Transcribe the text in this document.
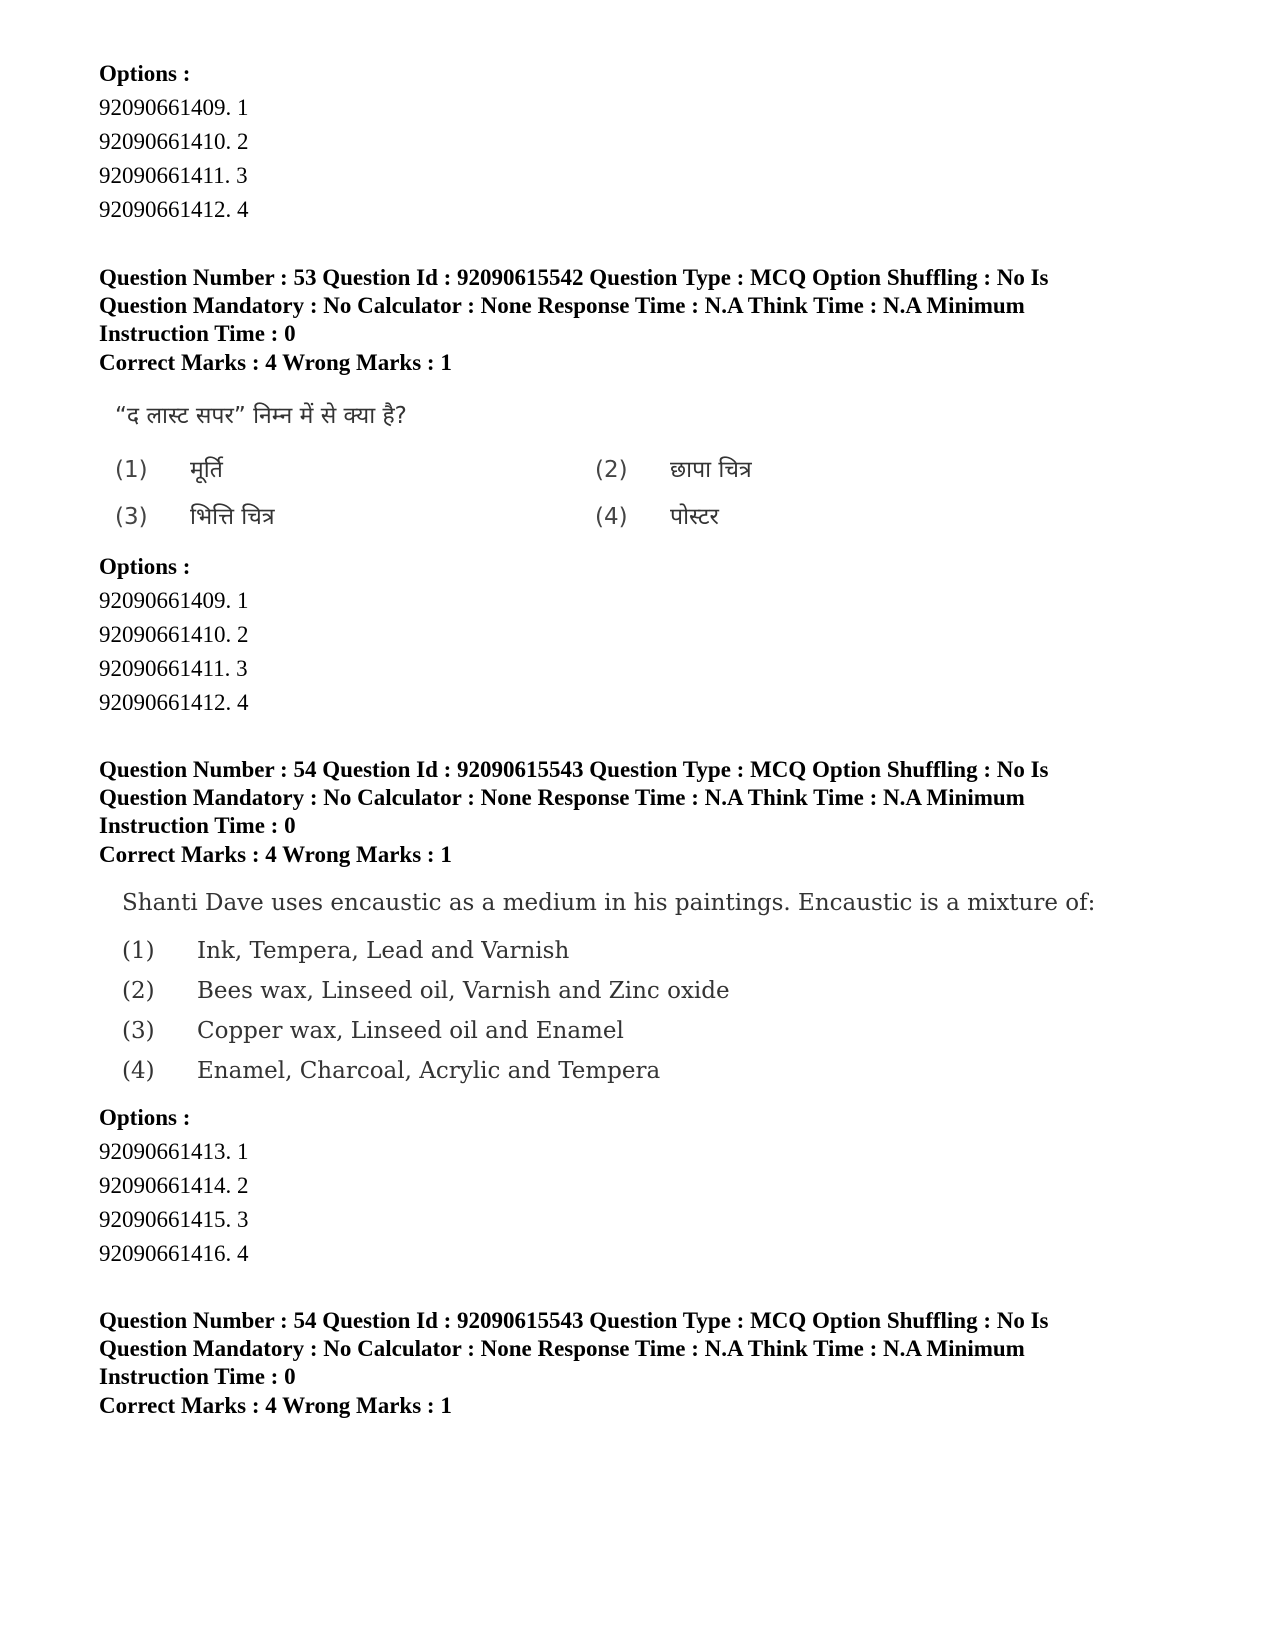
Options :
92090661409. 1
92090661410. 2
92090661411. 3
92090661412. 4
Question Number : 53 Question Id : 92090615542 Question Type : MCQ Option Shuffling : No Is
Question Mandatory : No Calculator : None Response Time : N.A Think Time : N.A Minimum
Instruction Time : 0
Correct Marks : 4 Wrong Marks : 1
“द लास्ट सपर” निम्न में से क्या है?
(1) मूर्ति	(2) छापा चित्र
(3) भित्ति चित्र	(4) पोस्टर
Options :
92090661409. 1
92090661410. 2
92090661411. 3
92090661412. 4
Question Number : 54 Question Id : 92090615543 Question Type : MCQ Option Shuffling : No Is
Question Mandatory : No Calculator : None Response Time : N.A Think Time : N.A Minimum
Instruction Time : 0
Correct Marks : 4 Wrong Marks : 1
Shanti Dave uses encaustic as a medium in his paintings. Encaustic is a mixture of:
(1) Ink, Tempera, Lead and Varnish
(2) Bees wax, Linseed oil, Varnish and Zinc oxide
(3) Copper wax, Linseed oil and Enamel
(4) Enamel, Charcoal, Acrylic and Tempera
Options :
92090661413. 1
92090661414. 2
92090661415. 3
92090661416. 4
Question Number : 54 Question Id : 92090615543 Question Type : MCQ Option Shuffling : No Is
Question Mandatory : No Calculator : None Response Time : N.A Think Time : N.A Minimum
Instruction Time : 0
Correct Marks : 4 Wrong Marks : 1
